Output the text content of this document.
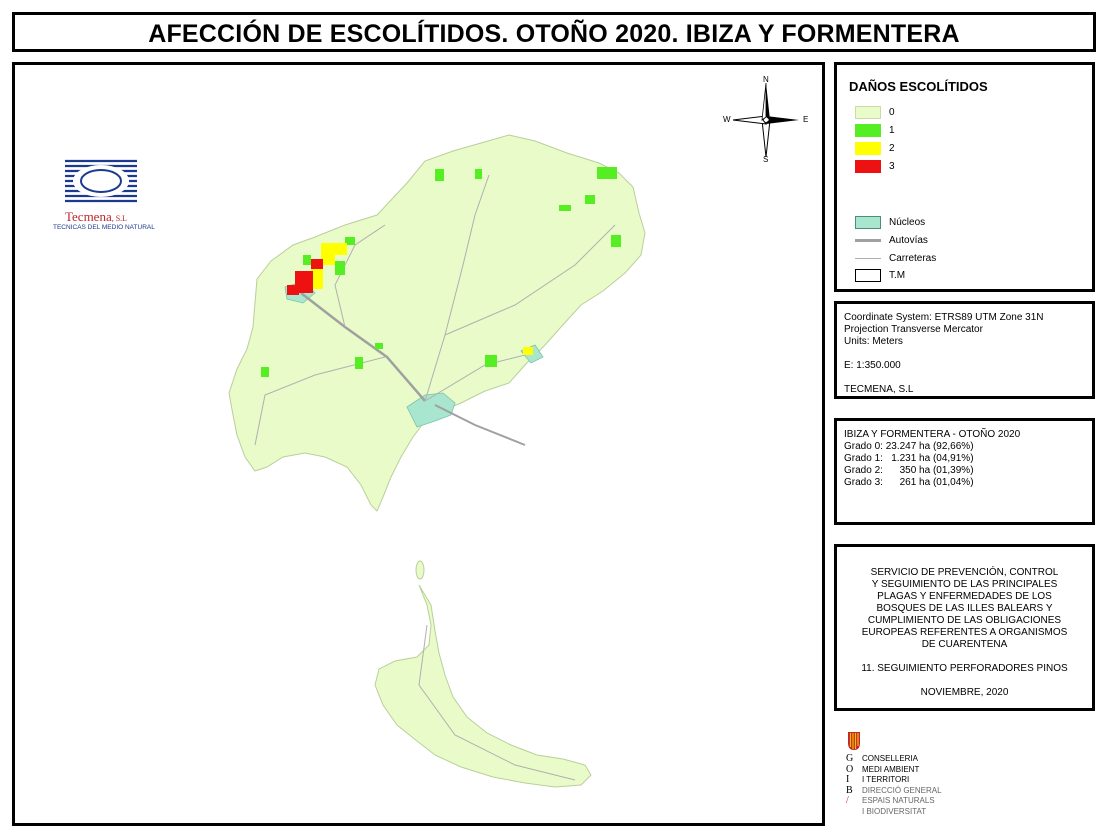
AFECCIÓN DE ESCOLÍTIDOS. OTOÑO 2020. IBIZA Y FORMENTERA
Tecmena, S.L
TECNICAS DEL MEDIO NATURAL
N
S
W	E
DAÑOS ESCOLÍTIDOS
0
1
2
3
Núcleos
Autovías
Carreteras
T.M
Coordinate System: ETRS89 UTM Zone 31N
Projection Transverse Mercator
Units: Meters
E: 1:350.000
TECMENA, S.L
IBIZA Y FORMENTERA - OTOÑO 2020
Grado 0: 23.247 ha (92,66%)
Grado 1:   1.231 ha (04,91%)
Grado 2:      350 ha (01,39%)
Grado 3:      261 ha (01,04%)
SERVICIO DE PREVENCIÓN, CONTROL
Y SEGUIMIENTO DE LAS PRINCIPALES
PLAGAS Y ENFERMEDADES DE LOS
BOSQUES DE LAS ILLES BALEARS Y
CUMPLIMIENTO DE LAS OBLIGACIONES
EUROPEAS REFERENTES A ORGANISMOS
DE CUARENTENA
11. SEGUIMIENTO PERFORADORES PINOS
NOVIEMBRE, 2020
G
O
I
B
/
CONSELLERIA
MEDI AMBIENT
I TERRITORI
DIRECCIÓ GENERAL
ESPAIS NATURALS
I BIODIVERSITAT
